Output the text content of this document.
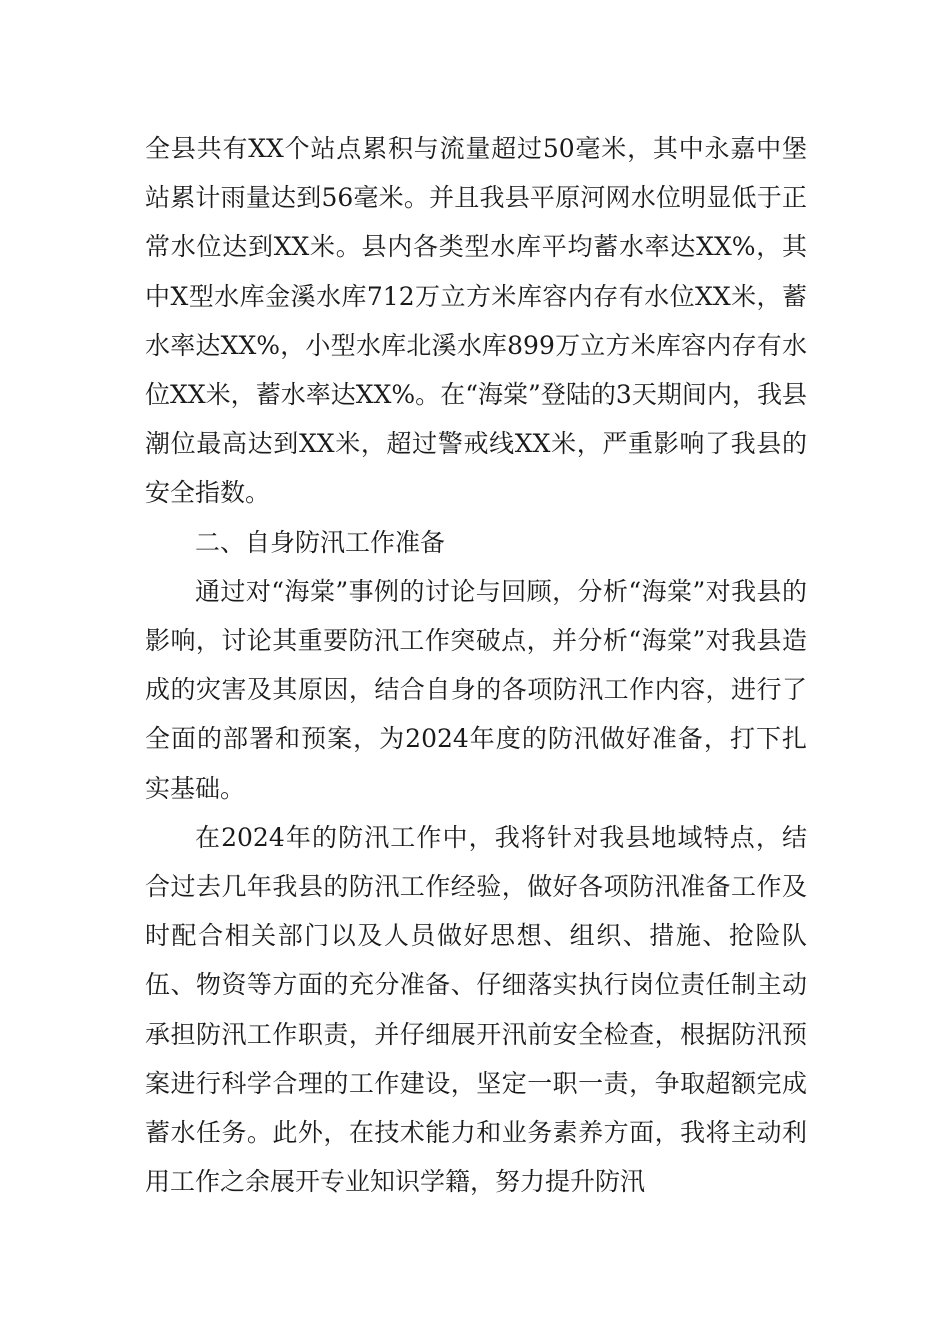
全县共有XX个站点累积与流量超过50毫米，其中永嘉中堡站累计雨量达到56毫米。并且我县平原河网水位明显低于正常水位达到XX米。县内各类型水库平均蓄水率达XX%，其中X型水库金溪水库712万立方米库容内存有水位XX米，蓄水率达XX%，小型水库北溪水库899万立方米库容内存有水位XX米，蓄水率达XX%。在“海棠”登陆的3天期间内，我县潮位最高达到XX米，超过警戒线XX米，严重影响了我县的安全指数。

二、自身防汛工作准备

通过对“海棠”事例的讨论与回顾，分析“海棠”对我县的影响，讨论其重要防汛工作突破点，并分析“海棠”对我县造成的灾害及其原因，结合自身的各项防汛工作内容，进行了全面的部署和预案，为2024年度的防汛做好准备，打下扎实基础。

在2024年的防汛工作中，我将针对我县地域特点，结合过去几年我县的防汛工作经验，做好各项防汛准备工作及时配合相关部门以及人员做好思想、组织、措施、抢险队伍、物资等方面的充分准备、仔细落实执行岗位责任制主动承担防汛工作职责，并仔细展开汛前安全检查，根据防汛预案进行科学合理的工作建设，坚定一职一责，争取超额完成蓄水任务。此外，在技术能力和业务素养方面，我将主动利用工作之余展开专业知识学籍，努力提升防汛
